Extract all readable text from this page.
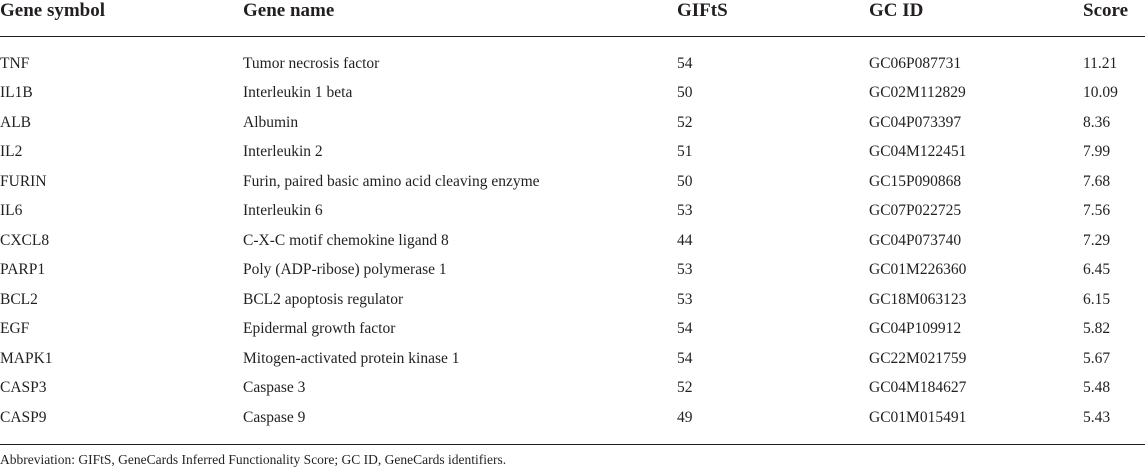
Gene symbol	Gene name	GIFtS	GC ID	Score
TNF	Tumor necrosis factor	54	GC06P087731	11.21
IL1B	Interleukin 1 beta	50	GC02M112829	10.09
ALB	Albumin	52	GC04P073397	8.36
IL2	Interleukin 2	51	GC04M122451	7.99
FURIN	Furin, paired basic amino acid cleaving enzyme	50	GC15P090868	7.68
IL6	Interleukin 6	53	GC07P022725	7.56
CXCL8	C-X-C motif chemokine ligand 8	44	GC04P073740	7.29
PARP1	Poly (ADP-ribose) polymerase 1	53	GC01M226360	6.45
BCL2	BCL2 apoptosis regulator	53	GC18M063123	6.15
EGF	Epidermal growth factor	54	GC04P109912	5.82
MAPK1	Mitogen-activated protein kinase 1	54	GC22M021759	5.67
CASP3	Caspase 3	52	GC04M184627	5.48
CASP9	Caspase 9	49	GC01M015491	5.43
Abbreviation: GIFtS, GeneCards Inferred Functionality Score; GC ID, GeneCards identifiers.
